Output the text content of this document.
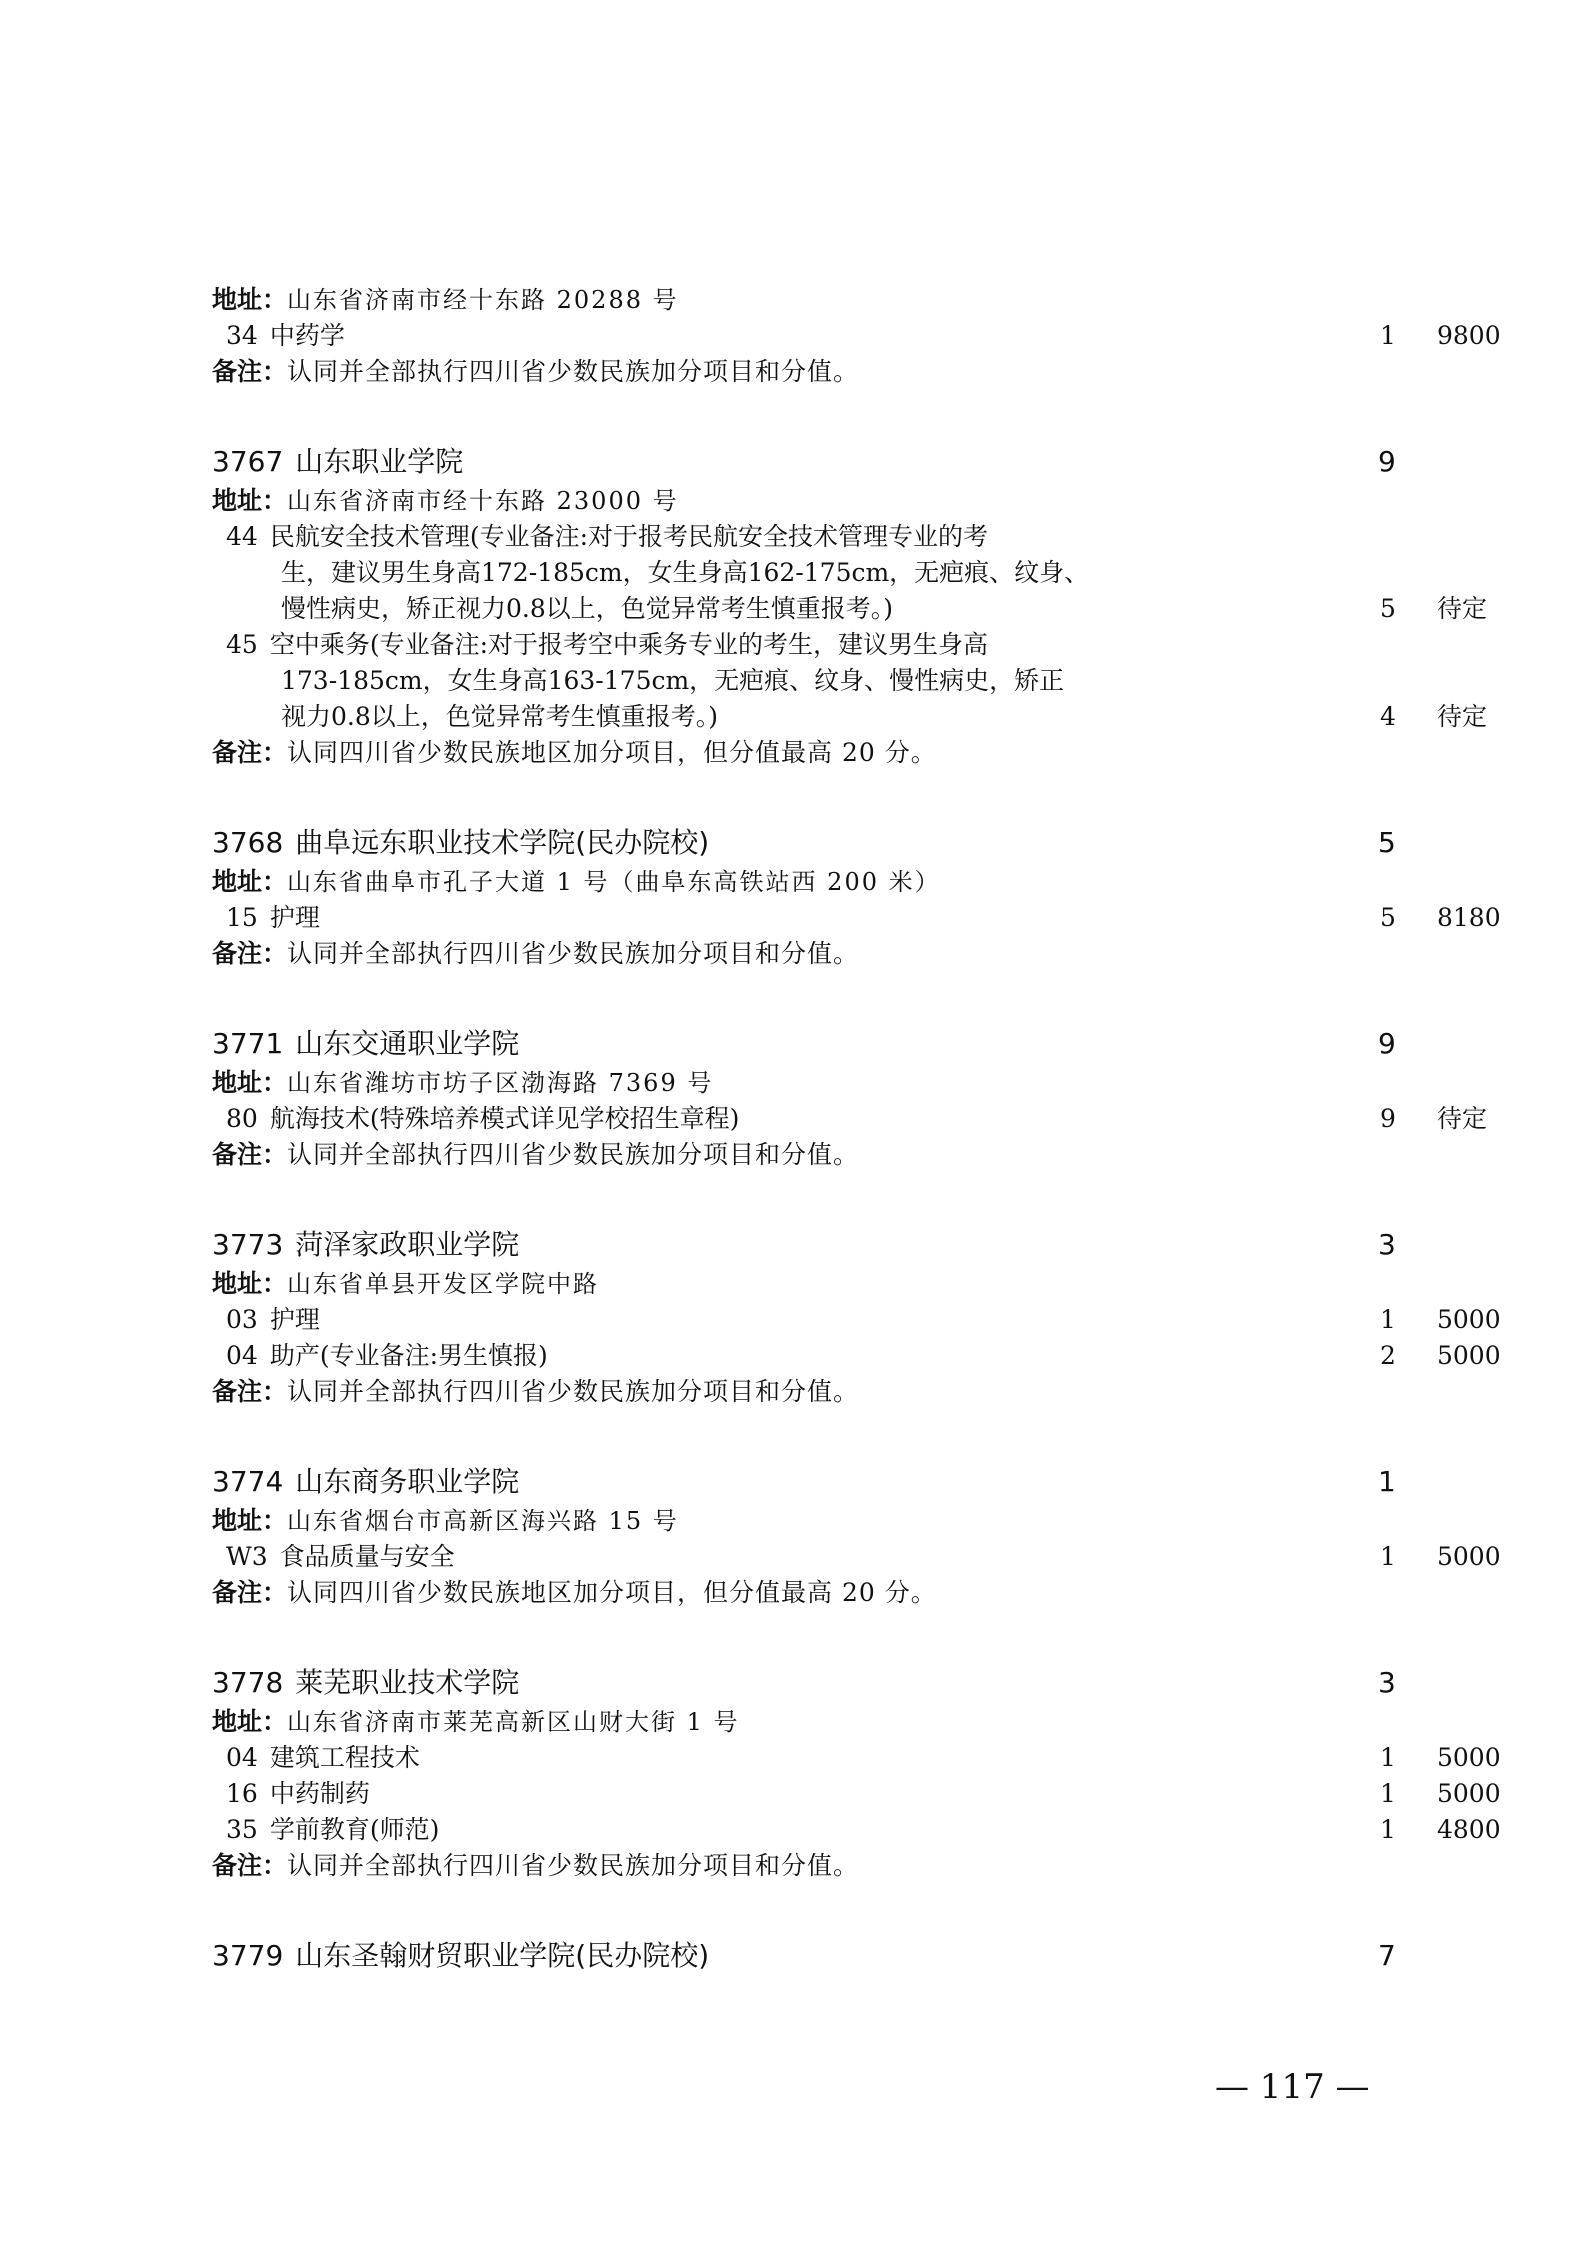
地址：山东省济南市经十东路 20288 号
34 中药学	1 9800
备注：认同并全部执行四川省少数民族加分项目和分值。
3767 山东职业学院	9
地址：山东省济南市经十东路 23000 号
44 民航安全技术管理(专业备注:对于报考民航安全技术管理专业的考
生，建议男生身高172-185cm，女生身高162-175cm，无疤痕、纹身、
慢性病史，矫正视力0.8以上，色觉异常考生慎重报考。)	5 待定
45 空中乘务(专业备注:对于报考空中乘务专业的考生，建议男生身高
173-185cm，女生身高163-175cm，无疤痕、纹身、慢性病史，矫正
视力0.8以上，色觉异常考生慎重报考。)	4 待定
备注：认同四川省少数民族地区加分项目，但分值最高 20 分。
3768 曲阜远东职业技术学院(民办院校)	5
地址：山东省曲阜市孔子大道 1 号（曲阜东高铁站西 200 米）
15 护理	5 8180
备注：认同并全部执行四川省少数民族加分项目和分值。
3771 山东交通职业学院	9
地址：山东省潍坊市坊子区渤海路 7369 号
80 航海技术(特殊培养模式详见学校招生章程)	9 待定
备注：认同并全部执行四川省少数民族加分项目和分值。
3773 菏泽家政职业学院	3
地址：山东省单县开发区学院中路
03 护理	1 5000
04 助产(专业备注:男生慎报)	2 5000
备注：认同并全部执行四川省少数民族加分项目和分值。
3774 山东商务职业学院	1
地址：山东省烟台市高新区海兴路 15 号
W3 食品质量与安全	1 5000
备注：认同四川省少数民族地区加分项目，但分值最高 20 分。
3778 莱芜职业技术学院	3
地址：山东省济南市莱芜高新区山财大街 1 号
04 建筑工程技术	1 5000
16 中药制药	1 5000
35 学前教育(师范)	1 4800
备注：认同并全部执行四川省少数民族加分项目和分值。
3779 山东圣翰财贸职业学院(民办院校)	7
— 117 —
